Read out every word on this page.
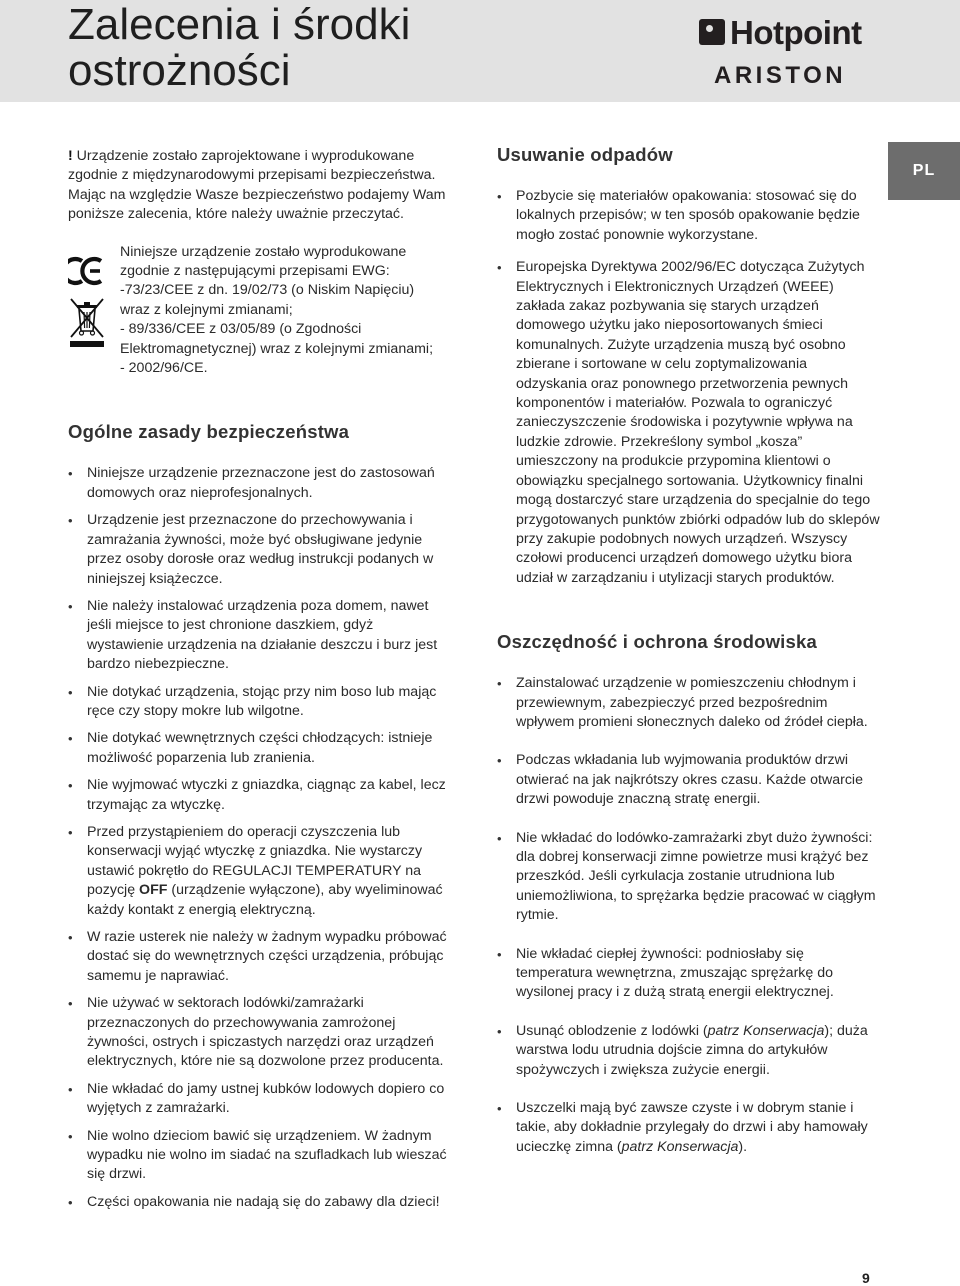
Zalecenia i środki
ostrożności
Hotpoint
ARISTON
PL

! Urządzenie zostało zaprojektowane i wyprodukowane zgodnie z międzynarodowymi przepisami bezpieczeństwa. Mając na względzie Wasze bezpieczeństwo podajemy Wam poniższe zalecenia, które należy uważnie przeczytać.

Niniejsze urządzenie zostało wyprodukowane
zgodnie z następującymi przepisami EWG:
-73/23/CEE z dn. 19/02/73 (o Niskim Napięciu)
wraz z kolejnymi zmianami;
- 89/336/CEE z 03/05/89 (o Zgodności
Elektromagnetycznej) wraz z kolejnymi zmianami;
- 2002/96/CE.

Ogólne zasady bezpieczeństwa
• Niniejsze urządzenie przeznaczone jest do zastosowań domowych oraz nieprofesjonalnych.
• Urządzenie jest przeznaczone do przechowywania i zamrażania żywności, może być obsługiwane jedynie przez osoby dorosłe oraz według instrukcji podanych w niniejszej książeczce.
• Nie należy instalować urządzenia poza domem, nawet jeśli miejsce to jest chronione daszkiem, gdyż wystawienie urządzenia na działanie deszczu i burz jest bardzo niebezpieczne.
• Nie dotykać urządzenia, stojąc przy nim boso lub mając ręce czy stopy mokre lub wilgotne.
• Nie dotykać wewnętrznych części chłodzących: istnieje możliwość poparzenia lub zranienia.
• Nie wyjmować wtyczki z gniazdka, ciągnąc za kabel, lecz trzymając za wtyczkę.
• Przed przystąpieniem do operacji czyszczenia lub konserwacji wyjąć wtyczkę z gniazdka. Nie wystarczy ustawić pokrętło do REGULACJI TEMPERATURY na pozycję OFF (urządzenie wyłączone), aby wyeliminować każdy kontakt z energią elektryczną.
• W razie usterek nie należy w żadnym wypadku próbować dostać się do wewnętrznych części urządzenia, próbując samemu je naprawiać.
• Nie używać w sektorach lodówki/zamrażarki przeznaczonych do przechowywania zamrożonej żywności, ostrych i spiczastych narzędzi oraz urządzeń elektrycznych, które nie są dozwolone przez producenta.
• Nie wkładać do jamy ustnej kubków lodowych dopiero co wyjętych z zamrażarki.
• Nie wolno dzieciom bawić się urządzeniem. W żadnym wypadku nie wolno im siadać na szufladkach lub wieszać się drzwi.
• Części opakowania nie nadają się do zabawy dla dzieci!
Usuwanie odpadów
• Pozbycie się materiałów opakowania: stosować się do lokalnych przepisów; w ten sposób opakowanie będzie mogło zostać ponownie wykorzystane.
• Europejska Dyrektywa 2002/96/EC dotycząca Zużytych Elektrycznych i Elektronicznych Urządzeń (WEEE) zakłada zakaz pozbywania się starych urządzeń domowego użytku jako nieposortowanych śmieci komunalnych. Zużyte urządzenia muszą być osobno zbierane i sortowane w celu zoptymalizowania odzyskania oraz ponownego przetworzenia pewnych komponentów i materiałów. Pozwala to ograniczyć zanieczyszczenie środowiska i pozytywnie wpływa na ludzkie zdrowie. Przekreślony symbol „kosza” umieszczony na produkcie przypomina klientowi o obowiązku specjalnego sortowania. Użytkownicy finalni mogą dostarczyć stare urządzenia do specjalnie do tego przygotowanych punktów zbiórki odpadów lub do sklepów przy zakupie podobnych nowych urządzeń. Wszyscy czołowi producenci urządzeń domowego użytku biora udział w zarządzaniu i utylizacji starych produktów.
Oszczędność i ochrona środowiska
• Zainstalować urządzenie w pomieszczeniu chłodnym i przewiewnym, zabezpieczyć przed bezpośrednim wpływem promieni słonecznych daleko od źródeł ciepła.
• Podczas wkładania lub wyjmowania produktów drzwi otwierać na jak najkrótszy okres czasu. Każde otwarcie drzwi powoduje znaczną stratę energii.
• Nie wkładać do lodówko-zamrażarki zbyt dużo żywności: dla dobrej konserwacji zimne powietrze musi krążyć bez przeszkód. Jeśli cyrkulacja zostanie utrudniona lub uniemożliwiona, to sprężarka będzie pracować w ciągłym rytmie.
• Nie wkładać ciepłej żywności: podniosłaby się temperatura wewnętrzna, zmuszając sprężarkę do wysilonej pracy i z dużą stratą energii elektrycznej.
• Usunąć oblodzenie z lodówki (patrz Konserwacja); duża warstwa lodu utrudnia dojście zimna do artykułów spożywczych i zwiększa zużycie energii.
• Uszczelki mają być zawsze czyste i w dobrym stanie i takie, aby dokładnie przylegały do drzwi i aby hamowały ucieczkę zimna (patrz Konserwacja).
9
